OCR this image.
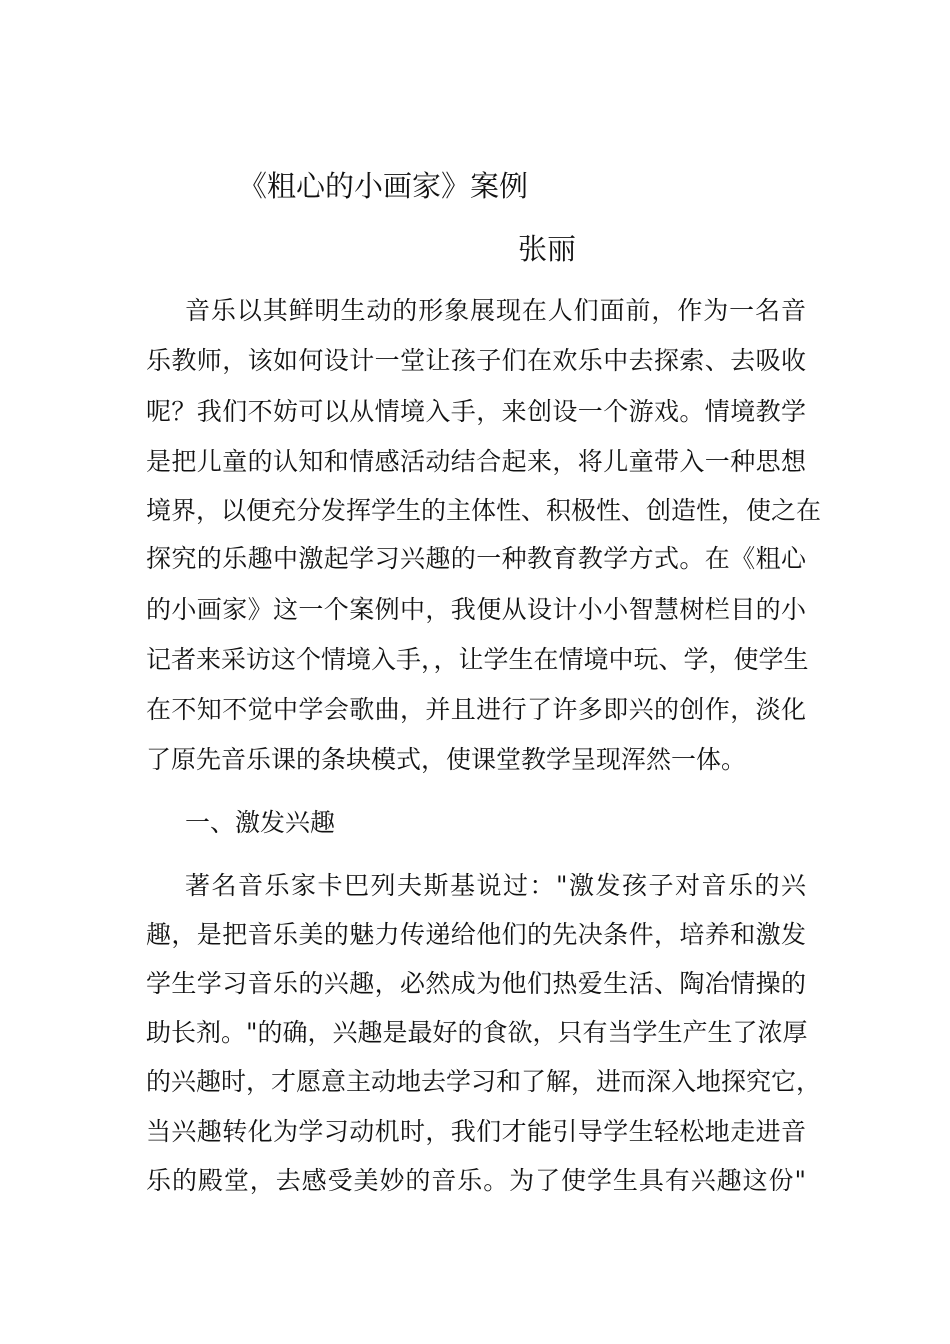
《粗心的小画家》案例
张丽

音乐以其鲜明生动的形象展现在人们面前，作为一名音

乐教师，该如何设计一堂让孩子们在欢乐中去探索、去吸收

呢？我们不妨可以从情境入手，来创设一个游戏。情境教学

是把儿童的认知和情感活动结合起来，将儿童带入一种思想

境界，以便充分发挥学生的主体性、积极性、创造性，使之在

探究的乐趣中激起学习兴趣的一种教育教学方式。在《粗心

的小画家》这一个案例中，我便从设计小小智慧树栏目的小

记者来采访这个情境入手，，让学生在情境中玩、学，使学生

在不知不觉中学会歌曲，并且进行了许多即兴的创作，淡化

了原先音乐课的条块模式，使课堂教学呈现浑然一体。

一、激发兴趣

著名音乐家卡巴列夫斯基说过："激发孩子对音乐的兴

趣，是把音乐美的魅力传递给他们的先决条件，培养和激发

学生学习音乐的兴趣，必然成为他们热爱生活、陶冶情操的

助长剂。"的确，兴趣是最好的食欲，只有当学生产生了浓厚

的兴趣时，才愿意主动地去学习和了解，进而深入地探究它，

当兴趣转化为学习动机时，我们才能引导学生轻松地走进音

乐的殿堂，去感受美妙的音乐。为了使学生具有兴趣这份"
